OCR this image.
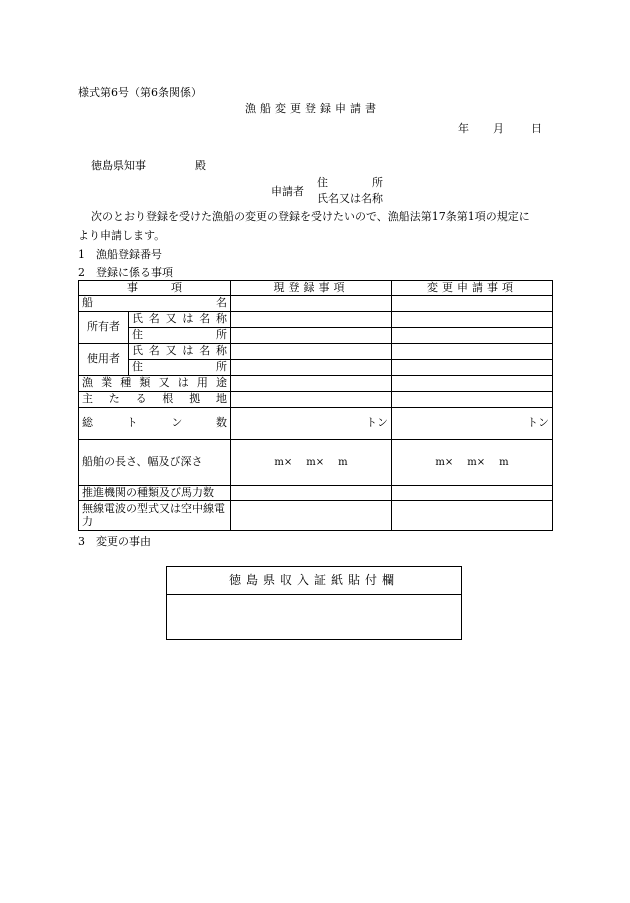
様式第6号（第6条関係）
漁船変更登録申請書
年 月 日
徳島県知事	殿
申請者
住　　　　所
氏名又は名称
次のとおり登録を受けた漁船の変更の登録を受けたいので、漁船法第17条第1項の規定に
より申請します。
1　漁船登録番号
2　登録に係る事項
事　　　項		現登録事項	変更申請事項
船名			
所有者	氏名又は名称		
	住所		
使用者	氏名又は名称		
	住所		
漁業種類又は用途			
主たる根拠地			
総トン数		トン	トン
船舶の長さ、幅及び深さ		m× m× m	m× m× m

推進機関の種類及び馬力数			
無線電波の型式又は空中線電力			
3　変更の事由
徳島県収入証紙貼付欄
